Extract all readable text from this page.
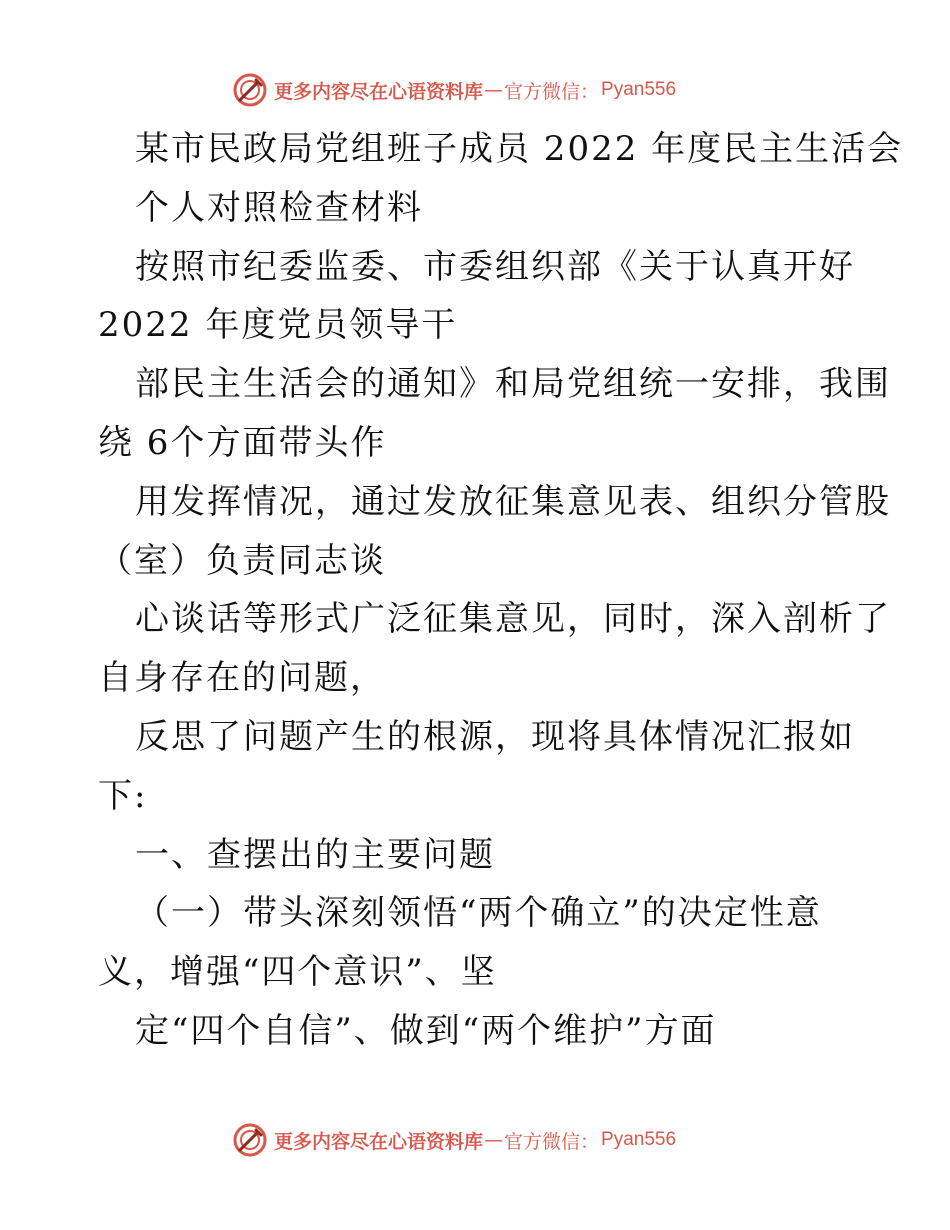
更多内容尽在心语资料库 — 官方微信： Pyan556
某市民政局党组班子成员 2022 年度民主生活会
个人对照检查材料
按照市纪委监委、市委组织部《关于认真开好
2022 年度党员领导干
部民主生活会的通知》和局党组统一安排，我围
绕 6个方面带头作
用发挥情况，通过发放征集意见表、组织分管股
（室）负责同志谈
心谈话等形式广泛征集意见，同时，深入剖析了
自身存在的问题，
反思了问题产生的根源，现将具体情况汇报如
下:
一、查摆出的主要问题
（一）带头深刻领悟“两个确立”的决定性意
义，增强“四个意识”、坚
定“四个自信”、做到“两个维护”方面
更多内容尽在心语资料库 — 官方微信： Pyan556
